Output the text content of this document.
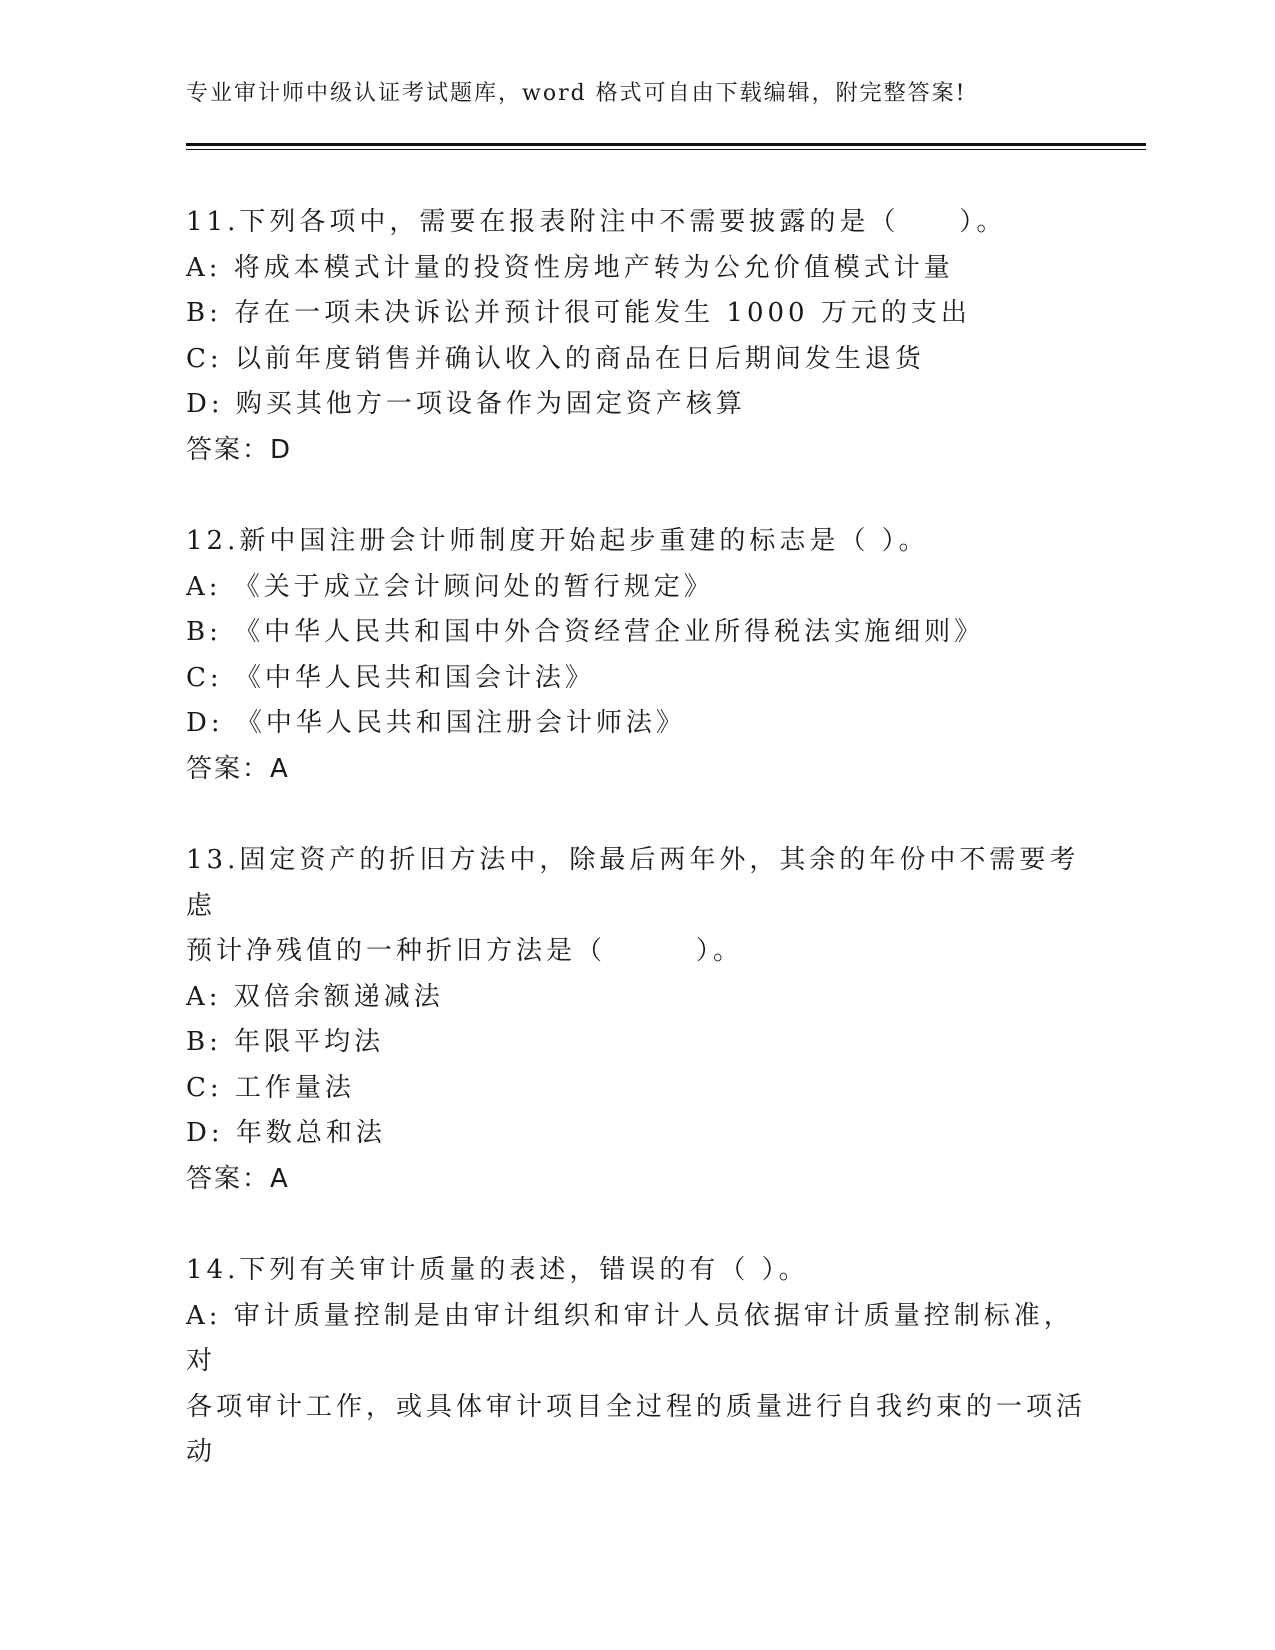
专业审计师中级认证考试题库，word 格式可自由下载编辑，附完整答案!
11.下列各项中，需要在报表附注中不需要披露的是（　　）。
A: 将成本模式计量的投资性房地产转为公允价值模式计量
B: 存在一项未决诉讼并预计很可能发生 1000 万元的支出
C: 以前年度销售并确认收入的商品在日后期间发生退货
D: 购买其他方一项设备作为固定资产核算
答案：D
12.新中国注册会计师制度开始起步重建的标志是（ ）。
A: 《关于成立会计顾问处的暂行规定》
B: 《中华人民共和国中外合资经营企业所得税法实施细则》
C: 《中华人民共和国会计法》
D: 《中华人民共和国注册会计师法》
答案：A
13.固定资产的折旧方法中，除最后两年外，其余的年份中不需要考虑
预计净残值的一种折旧方法是（　　　）。
A: 双倍余额递减法
B: 年限平均法
C: 工作量法
D: 年数总和法
答案：A
14.下列有关审计质量的表述，错误的有（ ）。
A: 审计质量控制是由审计组织和审计人员依据审计质量控制标准，对
各项审计工作，或具体审计项目全过程的质量进行自我约束的一项活
动
